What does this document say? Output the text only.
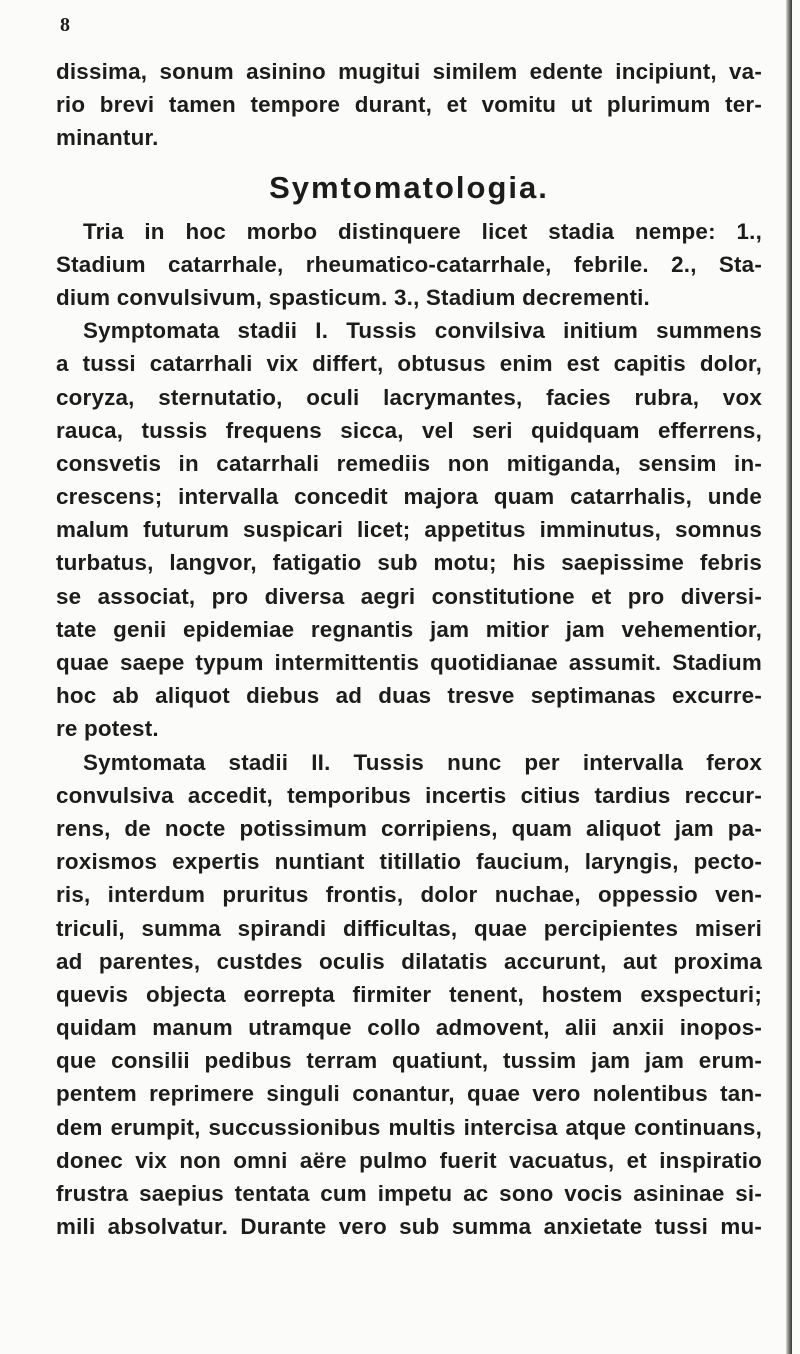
8
dissima, sonum asinino mugitui similem edente incipiunt, va-
rio brevi tamen tempore durant, et vomitu ut plurimum ter-
minantur.
Symtomatologia.
Tria in hoc morbo distinquere licet stadia nempe: 1.,
Stadium catarrhale, rheumatico-catarrhale, febrile. 2., Sta-
dium convulsivum, spasticum. 3., Stadium decrementi.
Symptomata stadii I. Tussis convilsiva initium summens
a tussi catarrhali vix differt, obtusus enim est capitis dolor,
coryza, sternutatio, oculi lacrymantes, facies rubra, vox
rauca, tussis frequens sicca, vel seri quidquam efferrens,
consvetis in catarrhali remediis non mitiganda, sensim in-
crescens; intervalla concedit majora quam catarrhalis, unde
malum futurum suspicari licet; appetitus imminutus, somnus
turbatus, langvor, fatigatio sub motu; his saepissime febris
se associat, pro diversa aegri constitutione et pro diversi-
tate genii epidemiae regnantis jam mitior jam vehementior,
quae saepe typum intermittentis quotidianae assumit. Stadium
hoc ab aliquot diebus ad duas tresve septimanas excurre-
re potest.
Symtomata stadii II. Tussis nunc per intervalla ferox
convulsiva accedit, temporibus incertis citius tardius reccur-
rens, de nocte potissimum corripiens, quam aliquot jam pa-
roxismos expertis nuntiant titillatio faucium, laryngis, pecto-
ris, interdum pruritus frontis, dolor nuchae, oppessio ven-
triculi, summa spirandi difficultas, quae percipientes miseri
ad parentes, custdes oculis dilatatis accurunt, aut proxima
quevis objecta eorrepta firmiter tenent, hostem exspecturi;
quidam manum utramque collo admovent, alii anxii inopos-
que consilii pedibus terram quatiunt, tussim jam jam erum-
pentem reprimere singuli conantur, quae vero nolentibus tan-
dem erumpit, succussionibus multis intercisa atque continuans,
donec vix non omni aëre pulmo fuerit vacuatus, et inspiratio
frustra saepius tentata cum impetu ac sono vocis asininae si-
mili absolvatur. Durante vero sub summa anxietate tussi mu-
